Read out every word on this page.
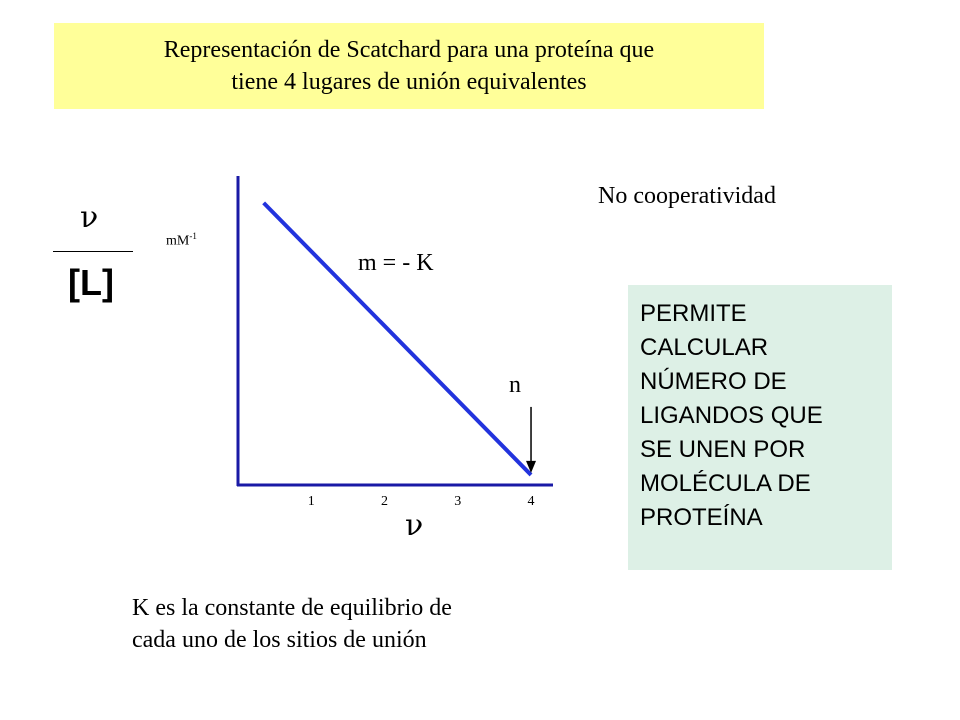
Representación de Scatchard para una proteína que
tiene 4 lugares de unión equivalentes
No cooperatividad
PERMITE
CALCULAR
NÚMERO DE
LIGANDOS QUE
SE UNEN POR
MOLÉCULA DE
PROTEÍNA
ν
[L]
$mM^{-1}$
1	2	3	4
ν
m = - K
n
K es la constante de equilibrio de
cada uno de los sitios de unión
